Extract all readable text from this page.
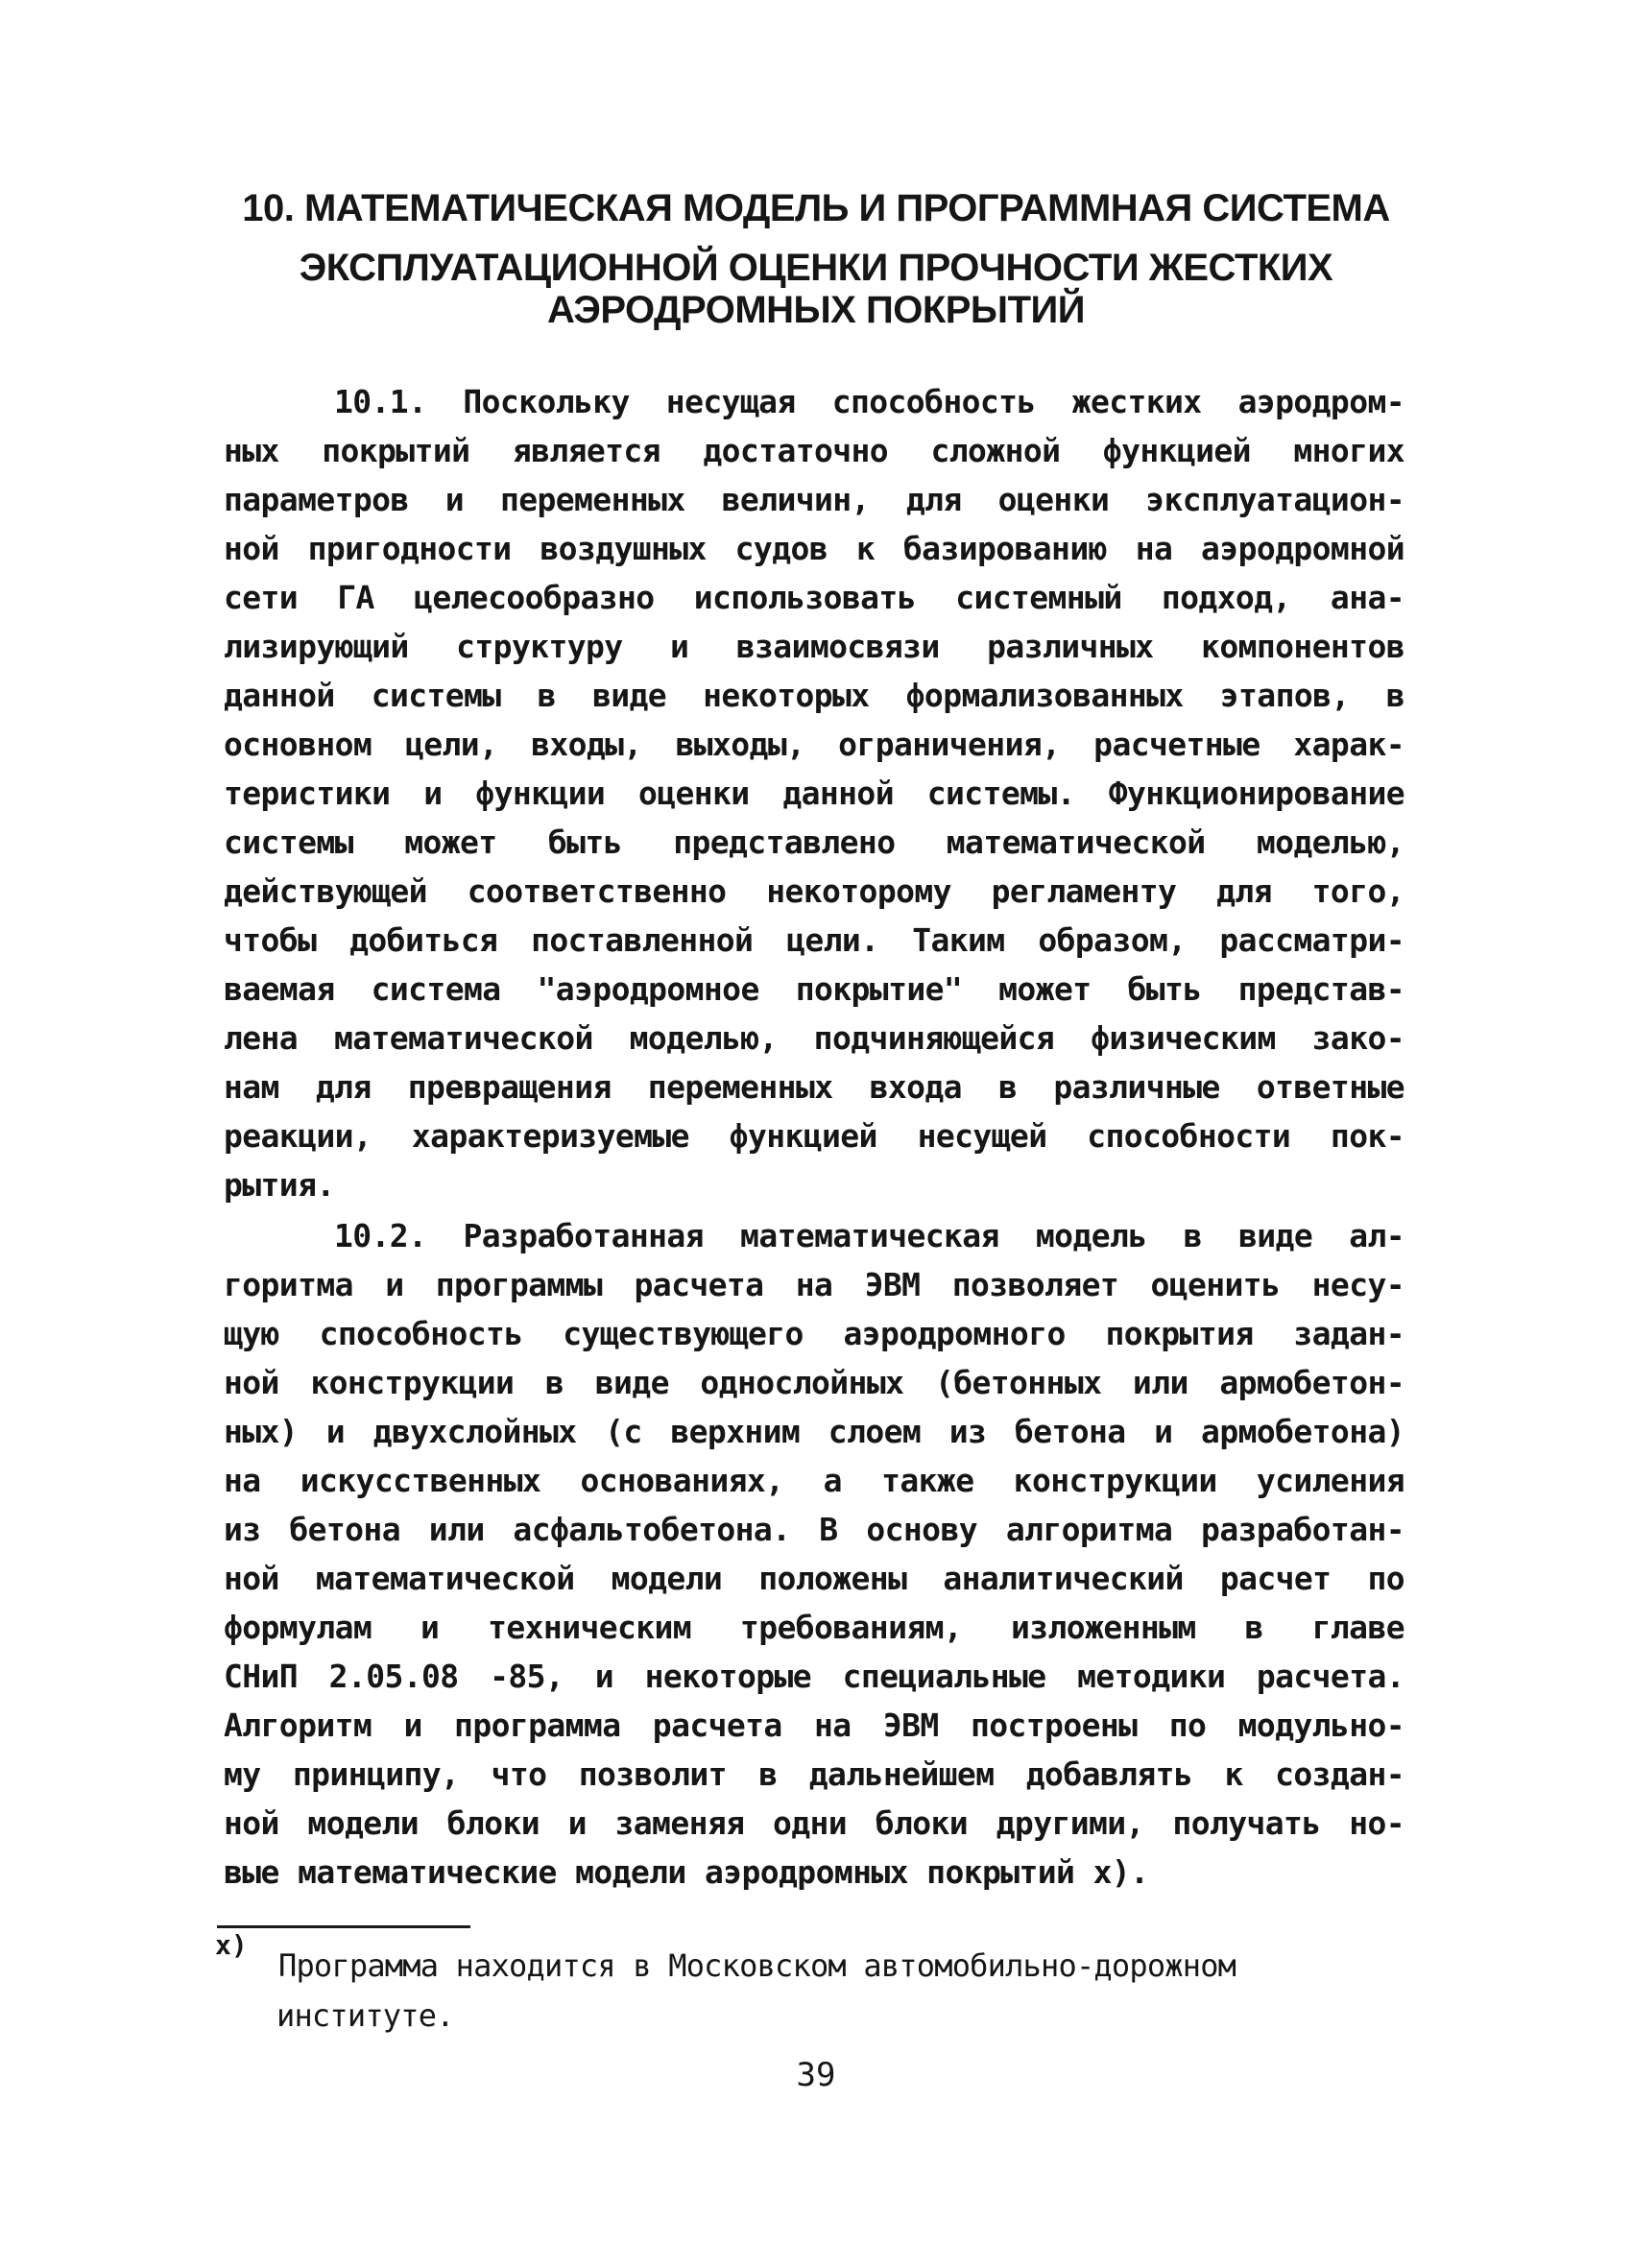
10. МАТЕМАТИЧЕСКАЯ МОДЕЛЬ И ПРОГРАММНАЯ СИСТЕМА
ЭКСПЛУАТАЦИОННОЙ ОЦЕНКИ ПРОЧНОСТИ ЖЕСТКИХ
АЭРОДРОМНЫХ ПОКРЫТИЙ
10.1. Поскольку несущая способность жестких аэродром-
ных покрытий является достаточно сложной функцией многих
параметров и переменных величин, для оценки эксплуатацион-
ной пригодности воздушных судов к базированию на аэродромной
сети ГА целесообразно использовать системный подход, ана-
лизирующий структуру и взаимосвязи различных компонентов
данной системы в виде некоторых формализованных этапов, в
основном цели, входы, выходы, ограничения, расчетные харак-
теристики и функции оценки данной системы. Функционирование
системы может быть представлено математической моделью,
действующей соответственно некоторому регламенту для того,
чтобы добиться поставленной цели. Таким образом, рассматри-
ваемая система "аэродромное покрытие" может быть представ-
лена математической моделью, подчиняющейся физическим зако-
нам для превращения переменных входа в различные ответные
реакции, характеризуемые функцией несущей способности пок-
рытия.
10.2. Разработанная математическая модель в виде ал-
горитма и программы расчета на ЭВМ позволяет оценить несу-
щую способность существующего аэродромного покрытия задан-
ной конструкции в виде однослойных (бетонных или армобетон-
ных) и двухслойных (с верхним слоем из бетона и армобетона)
на искусственных основаниях, а также конструкции усиления
из бетона или асфальтобетона. В основу алгоритма разработан-
ной математической модели положены аналитический расчет по
формулам и техническим требованиям, изложенным в главе
СНиП 2.05.08 -85, и некоторые специальные методики расчета.
Алгоритм и программа расчета на ЭВМ построены по модульно-
му принципу, что позволит в дальнейшем добавлять к создан-
ной модели блоки и заменяя одни блоки другими, получать но-
вые математические модели аэродромных покрытий x).
x)
Программа находится в Московском автомобильно-дорожном
институте.
39
